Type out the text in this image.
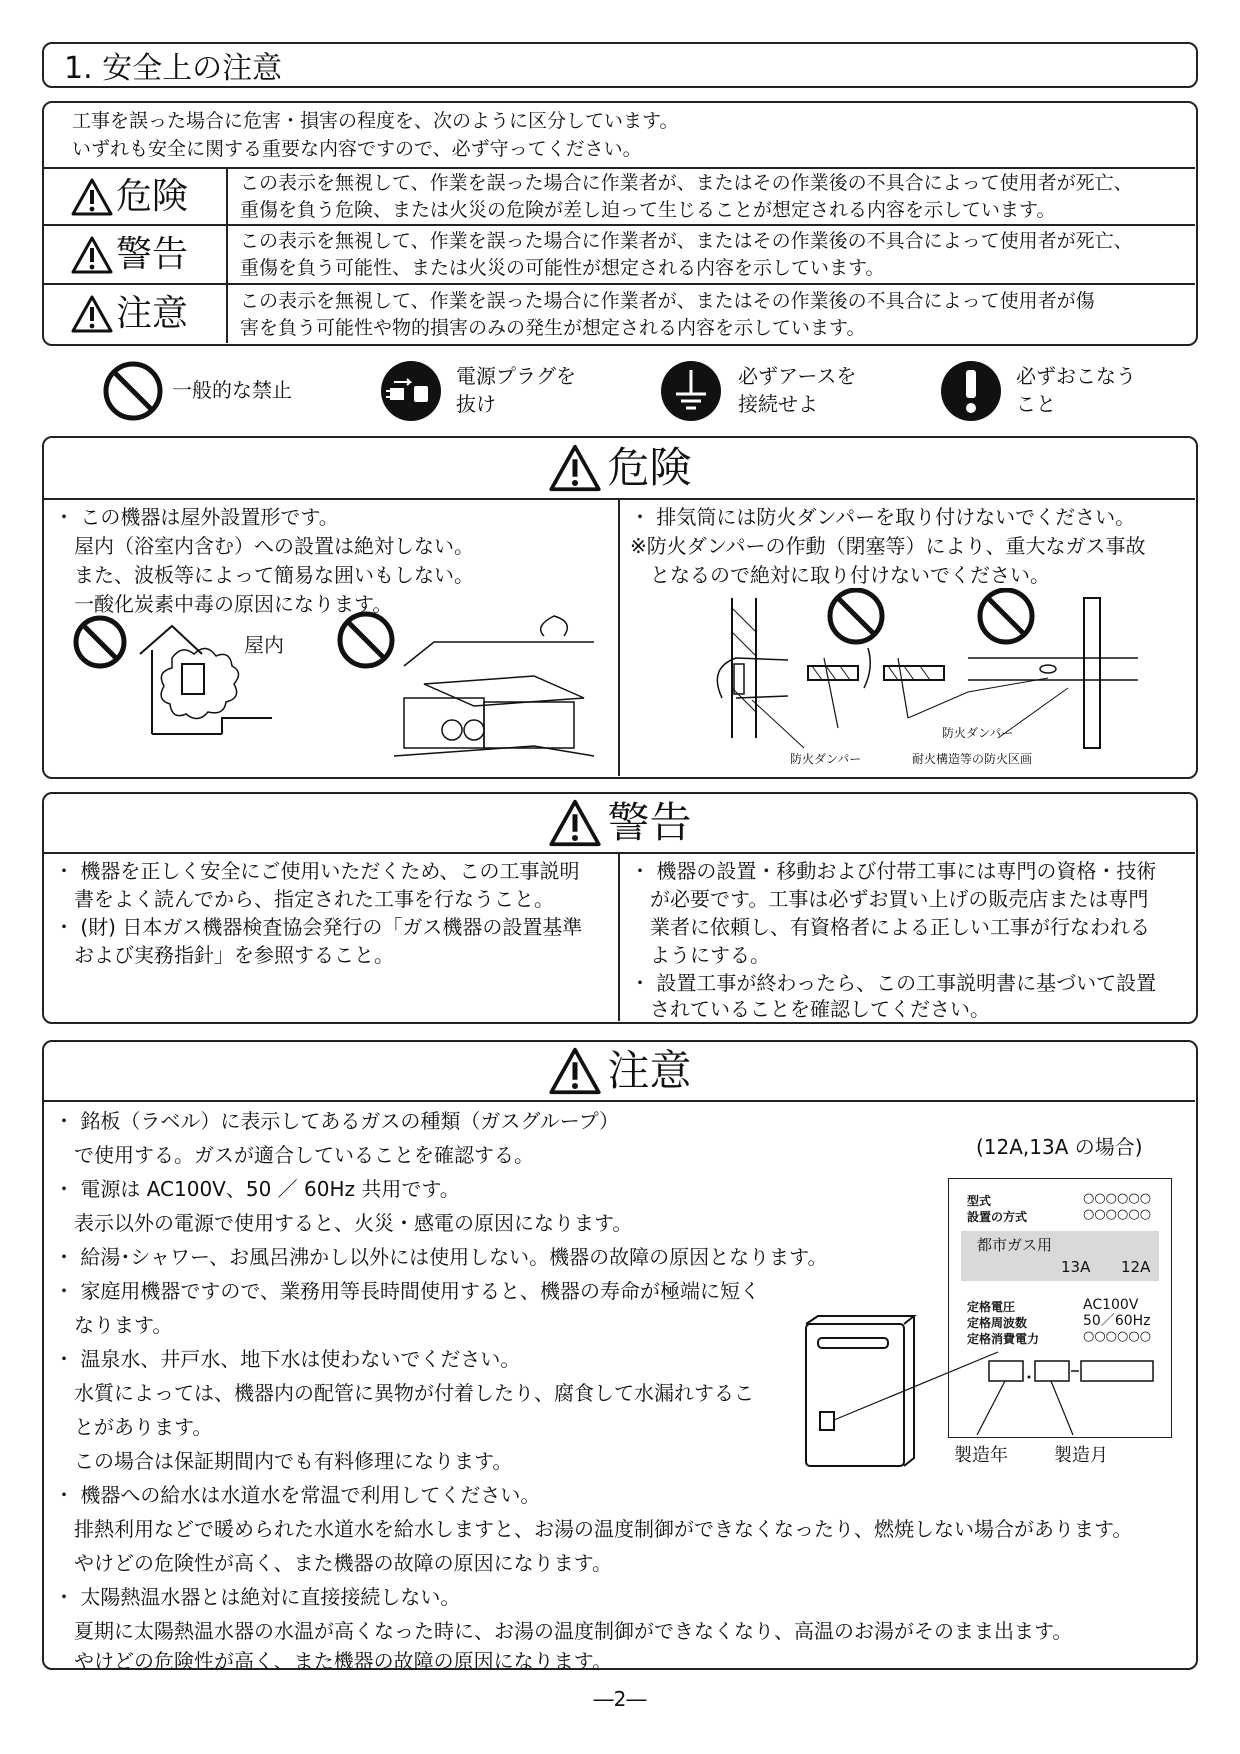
1. 安全上の注意
工事を誤った場合に危害・損害の程度を、次のように区分しています。
いずれも安全に関する重要な内容ですので、必ず守ってください。
危険	この表示を無視して、作業を誤った場合に作業者が、またはその作業後の不具合によって使用者が死亡、
重傷を負う危険、または火災の危険が差し迫って生じることが想定される内容を示しています。
警告	この表示を無視して、作業を誤った場合に作業者が、またはその作業後の不具合によって使用者が死亡、
重傷を負う可能性、または火災の可能性が想定される内容を示しています。
注意	この表示を無視して、作業を誤った場合に作業者が、またはその作業後の不具合によって使用者が傷
害を負う可能性や物的損害のみの発生が想定される内容を示しています。
一般的な禁止
電源プラグを
抜け
必ずアースを
接続せよ
必ずおこなう
こと
危険
・ この機器は屋外設置形です。
　屋内（浴室内含む）への設置は絶対しない。
　また、波板等によって簡易な囲いもしない。
　一酸化炭素中毒の原因になります。
屋内
・ 排気筒には防火ダンパーを取り付けないでください。
※防火ダンパーの作動（閉塞等）により、重大なガス事故
　となるので絶対に取り付けないでください。
防火ダンパー
防火ダンパー
耐火構造等の防火区画
警告
・ 機器を正しく安全にご使用いただくため、この工事説明
　書をよく読んでから、指定された工事を行なうこと。
・ (財) 日本ガス機器検査協会発行の「ガス機器の設置基準
　および実務指針」を参照すること。
・ 機器の設置・移動および付帯工事には専門の資格・技術
　が必要です。工事は必ずお買い上げの販売店または専門
　業者に依頼し、有資格者による正しい工事が行なわれる
　ようにする。
・ 設置工事が終わったら、この工事説明書に基づいて設置
　されていることを確認してください。
注意
・ 銘板（ラベル）に表示してあるガスの種類（ガスグループ）
　で使用する。ガスが適合していることを確認する。
・ 電源は AC100V、50 ／ 60Hz 共用です。
　表示以外の電源で使用すると、火災・感電の原因になります。
・ 給湯･シャワー、お風呂沸かし以外には使用しない。機器の故障の原因となります。
・ 家庭用機器ですので、業務用等長時間使用すると、機器の寿命が極端に短く
　なります。
・ 温泉水、井戸水、地下水は使わないでください。
　水質によっては、機器内の配管に異物が付着したり、腐食して水漏れするこ
　とがあります。
　この場合は保証期間内でも有料修理になります。
・ 機器への給水は水道水を常温で利用してください。
　排熱利用などで暖められた水道水を給水しますと、お湯の温度制御ができなくなったり、燃焼しない場合があります。
　やけどの危険性が高く、また機器の故障の原因になります。
・ 太陽熱温水器とは絶対に直接接続しない。
　夏期に太陽熱温水器の水温が高くなった時に、お湯の温度制御ができなくなり、高温のお湯がそのまま出ます。
　やけどの危険性が高く、また機器の故障の原因になります。
(12A,13A の場合)
型式	○○○○○○
設置の方式	○○○○○○
都市ガス用
13A 12A
定格電圧	AC100V
定格周波数	50／60Hz
定格消費電力	○○○○○○
製造年	製造月
―2―
